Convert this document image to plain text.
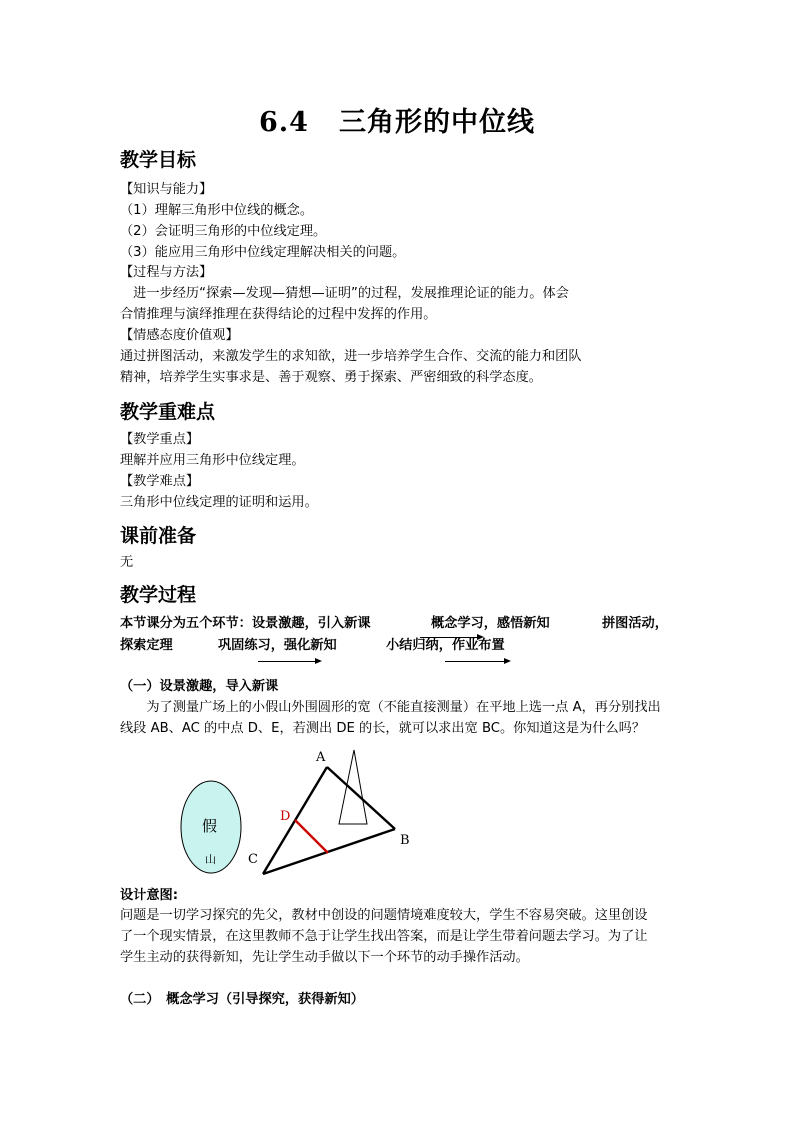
6.4 三角形的中位线
教学目标
【知识与能力】
（1）理解三角形中位线的概念。
（2）会证明三角形的中位线定理。
（3）能应用三角形中位线定理解决相关的问题。
【过程与方法】
　进一步经历“探索—发现—猜想—证明”的过程，发展推理论证的能力。体会
合情推理与演绎推理在获得结论的过程中发挥的作用。
【情感态度价值观】
通过拼图活动，来激发学生的求知欲，进一步培养学生合作、交流的能力和团队
精神，培养学生实事求是、善于观察、勇于探索、严密细致的科学态度。
教学重难点
【教学重点】
理解并应用三角形中位线定理。
【教学难点】
三角形中位线定理的证明和运用。
课前准备
无
教学过程
本节课分为五个环节：设景激趣，引入新课	概念学习，感悟新知	拼图活动，
探索定理	巩固练习，强化新知	小结归纳，作业布置
（一）设景激趣，导入新课
　　为了测量广场上的小假山外围圆形的宽（不能直接测量）在平地上选一点 A，再分别找出
线段 AB、AC 的中点 D、E，若测出 DE 的长，就可以求出宽 BC。你知道这是为什么吗？
假
山
A
B
C
D
设计意图:
问题是一切学习探究的先父，教材中创设的问题情境难度较大，学生不容易突破。这里创设
了一个现实情景，在这里教师不急于让学生找出答案，而是让学生带着问题去学习。为了让
学生主动的获得新知，先让学生动手做以下一个环节的动手操作活动。
（二）　概念学习（引导探究，获得新知）
